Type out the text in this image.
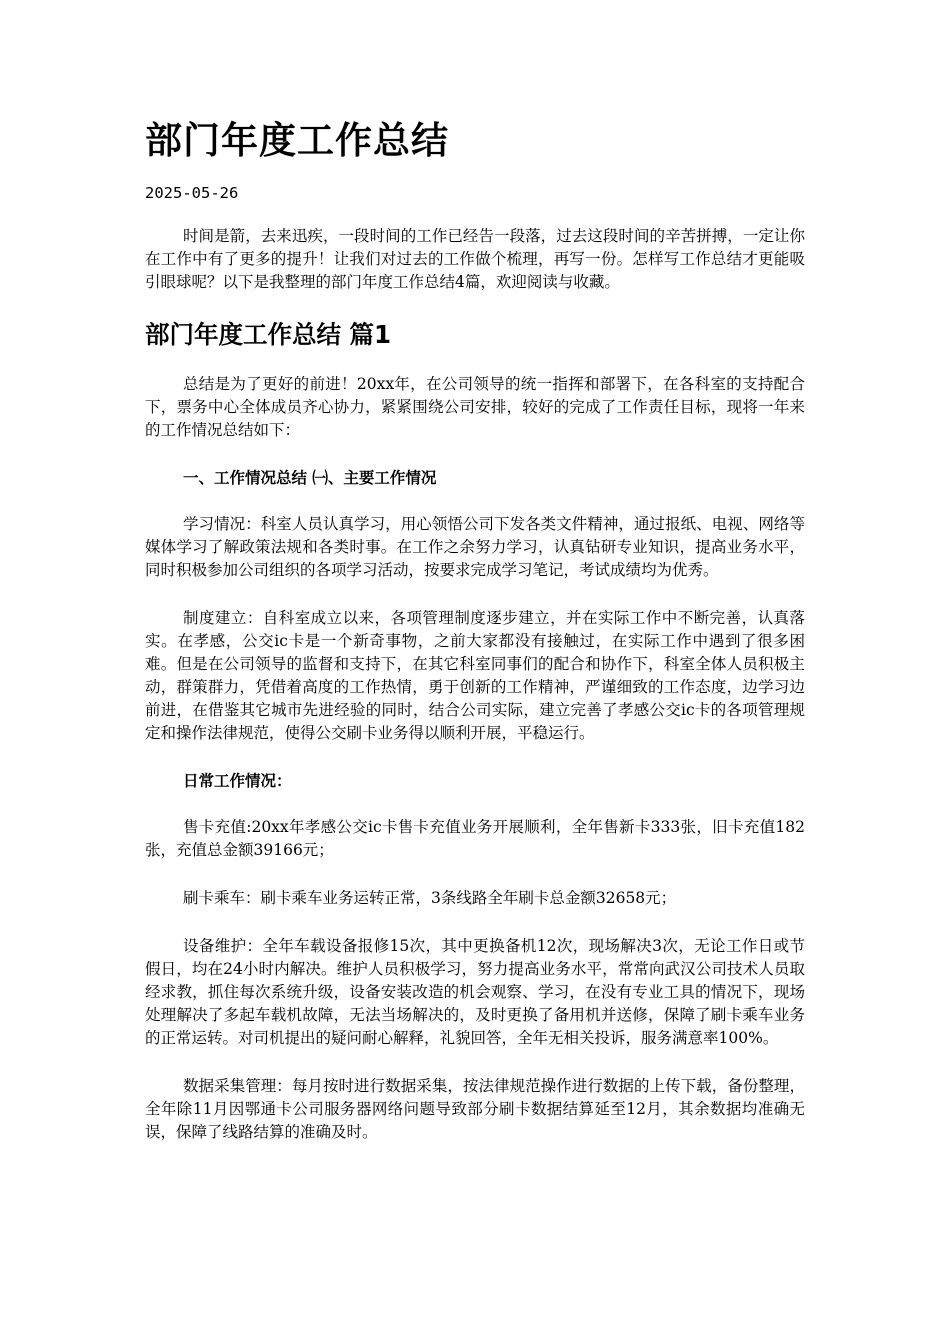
部门年度工作总结
2025-05-26

时间是箭，去来迅疾，一段时间的工作已经告一段落，过去这段时间的辛苦拼搏，一定让你在工作中有了更多的提升！让我们对过去的工作做个梳理，再写一份。怎样写工作总结才更能吸引眼球呢？以下是我整理的部门年度工作总结4篇，欢迎阅读与收藏。

部门年度工作总结 篇1

总结是为了更好的前进！20xx年，在公司领导的统一指挥和部署下，在各科室的支持配合下，票务中心全体成员齐心协力，紧紧围绕公司安排，较好的完成了工作责任目标，现将一年来的工作情况总结如下：

一、工作情况总结 ㈠、主要工作情况

学习情况：科室人员认真学习，用心领悟公司下发各类文件精神，通过报纸、电视、网络等媒体学习了解政策法规和各类时事。在工作之余努力学习，认真钻研专业知识，提高业务水平，同时积极参加公司组织的各项学习活动，按要求完成学习笔记，考试成绩均为优秀。

制度建立：自科室成立以来，各项管理制度逐步建立，并在实际工作中不断完善，认真落实。在孝感，公交ic卡是一个新奇事物，之前大家都没有接触过，在实际工作中遇到了很多困难。但是在公司领导的监督和支持下，在其它科室同事们的配合和协作下，科室全体人员积极主动，群策群力，凭借着高度的工作热情，勇于创新的工作精神，严谨细致的工作态度，边学习边前进，在借鉴其它城市先进经验的同时，结合公司实际，建立完善了孝感公交ic卡的各项管理规定和操作法律规范，使得公交刷卡业务得以顺利开展，平稳运行。

日常工作情况：

售卡充值:20xx年孝感公交ic卡售卡充值业务开展顺利，全年售新卡333张，旧卡充值182张，充值总金额39166元；

刷卡乘车：刷卡乘车业务运转正常，3条线路全年刷卡总金额32658元；

设备维护：全年车载设备报修15次，其中更换备机12次，现场解决3次，无论工作日或节假日，均在24小时内解决。维护人员积极学习，努力提高业务水平，常常向武汉公司技术人员取经求教，抓住每次系统升级，设备安装改造的机会观察、学习，在没有专业工具的情况下，现场处理解决了多起车载机故障，无法当场解决的，及时更换了备用机并送修，保障了刷卡乘车业务的正常运转。对司机提出的疑问耐心解释，礼貌回答，全年无相关投诉，服务满意率100%。

数据采集管理：每月按时进行数据采集，按法律规范操作进行数据的上传下载，备份整理，全年除11月因鄂通卡公司服务器网络问题导致部分刷卡数据结算延至12月，其余数据均准确无误，保障了线路结算的准确及时。
